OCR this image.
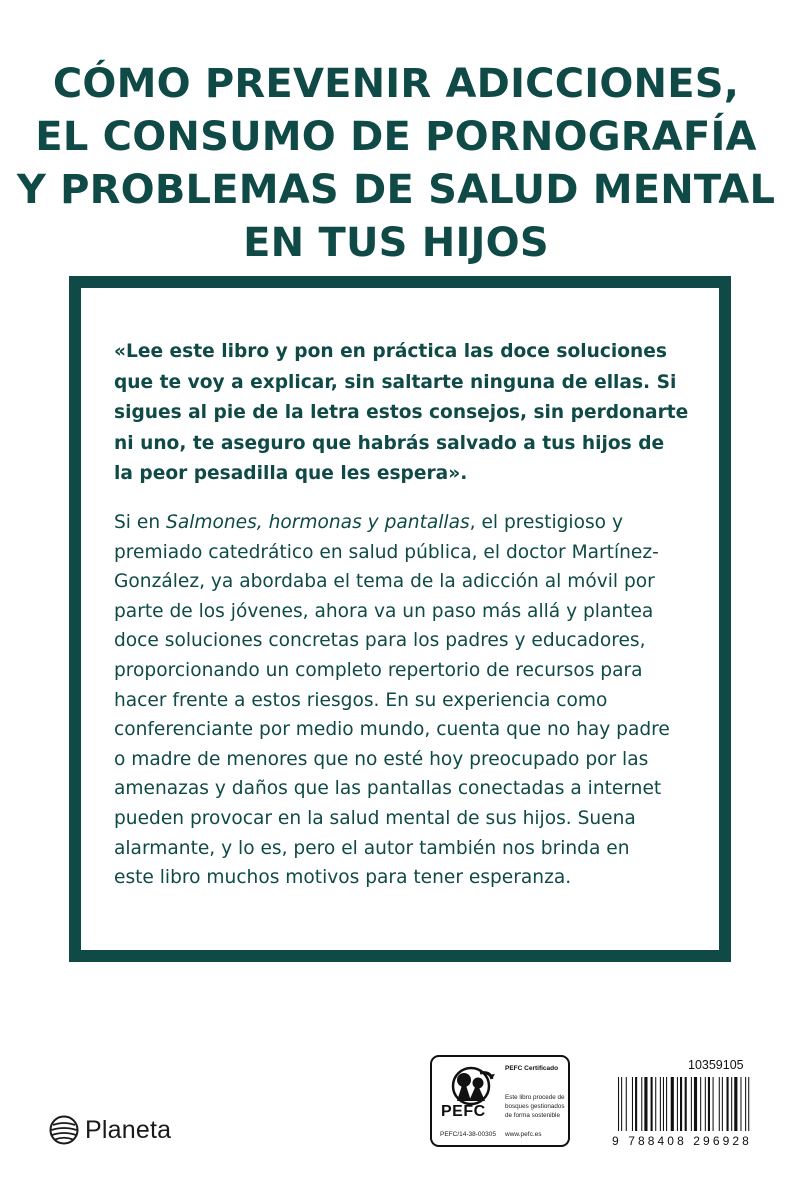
CÓMO PREVENIR ADICCIONES,
EL CONSUMO DE PORNOGRAFÍA
Y PROBLEMAS DE SALUD MENTAL
EN TUS HIJOS
«Lee este libro y pon en práctica las doce soluciones
que te voy a explicar, sin saltarte ninguna de ellas. Si
sigues al pie de la letra estos consejos, sin perdonarte
ni uno, te aseguro que habrás salvado a tus hijos de
la peor pesadilla que les espera».
Si en Salmones, hormonas y pantallas, el prestigioso y
premiado catedrático en salud pública, el doctor Martínez-
González, ya abordaba el tema de la adicción al móvil por
parte de los jóvenes, ahora va un paso más allá y plantea
doce soluciones concretas para los padres y educadores,
proporcionando un completo repertorio de recursos para
hacer frente a estos riesgos. En su experiencia como
conferenciante por medio mundo, cuenta que no hay padre
o madre de menores que no esté hoy preocupado por las
amenazas y daños que las pantallas conectadas a internet
pueden provocar en la salud mental de sus hijos. Suena
alarmante, y lo es, pero el autor también nos brinda en
este libro muchos motivos para tener esperanza.
Planeta
PEFC
PEFC Certificado
Este libro procede de bosques gestionados de forma sostenible
PEFC/14-38-00305 www.pefc.es
10359105
9 788408 296928
